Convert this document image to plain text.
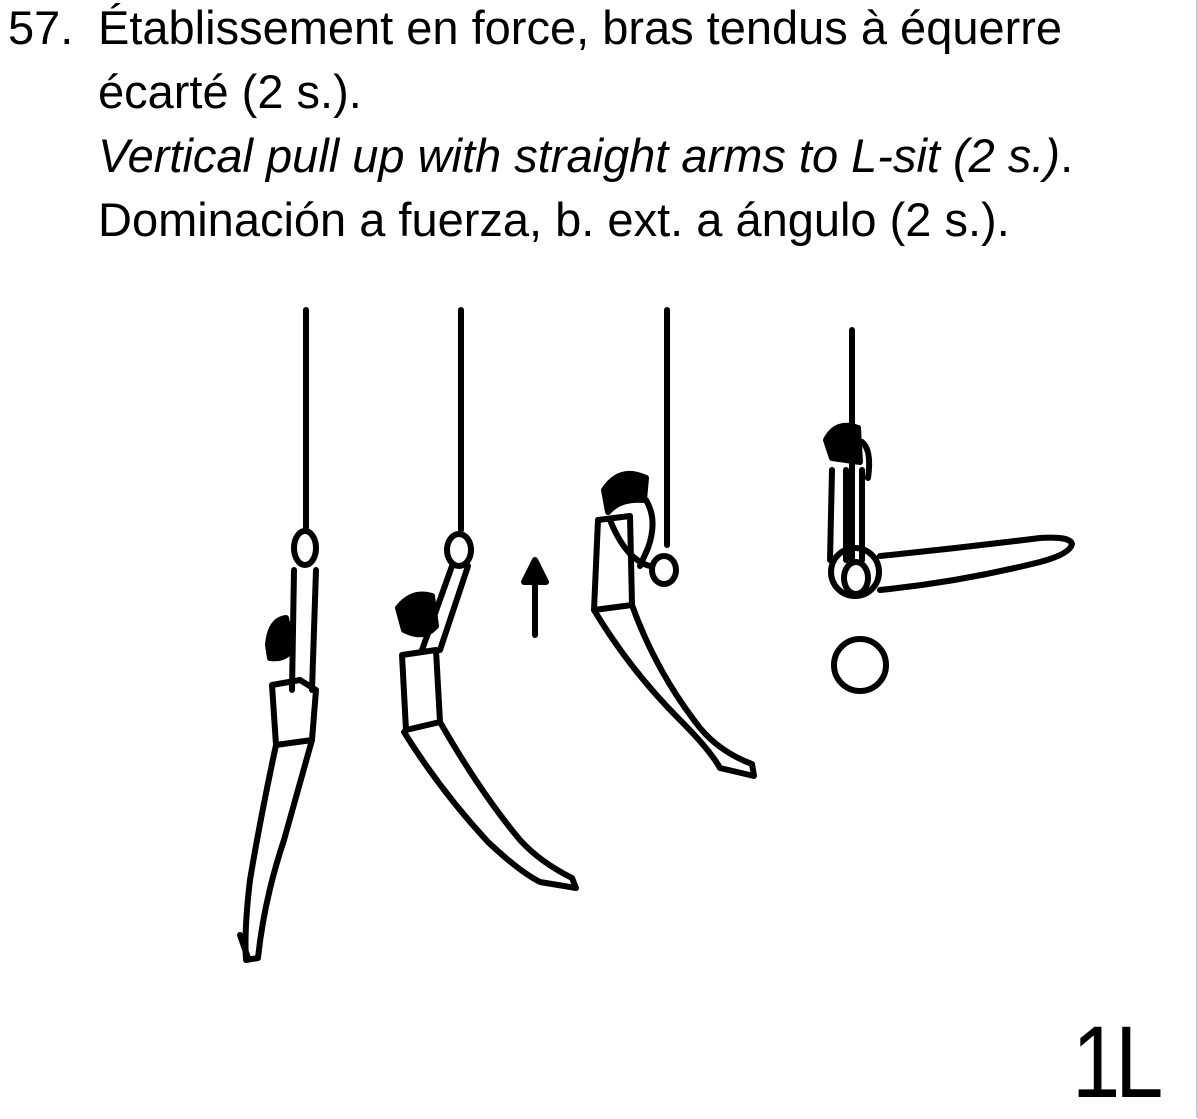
57. Établissement en force, bras tendus à équerre
écarté (2 s.).
Vertical pull up with straight arms to L-sit (2 s.).
Dominación a fuerza, b. ext. a ángulo (2 s.).
1L
